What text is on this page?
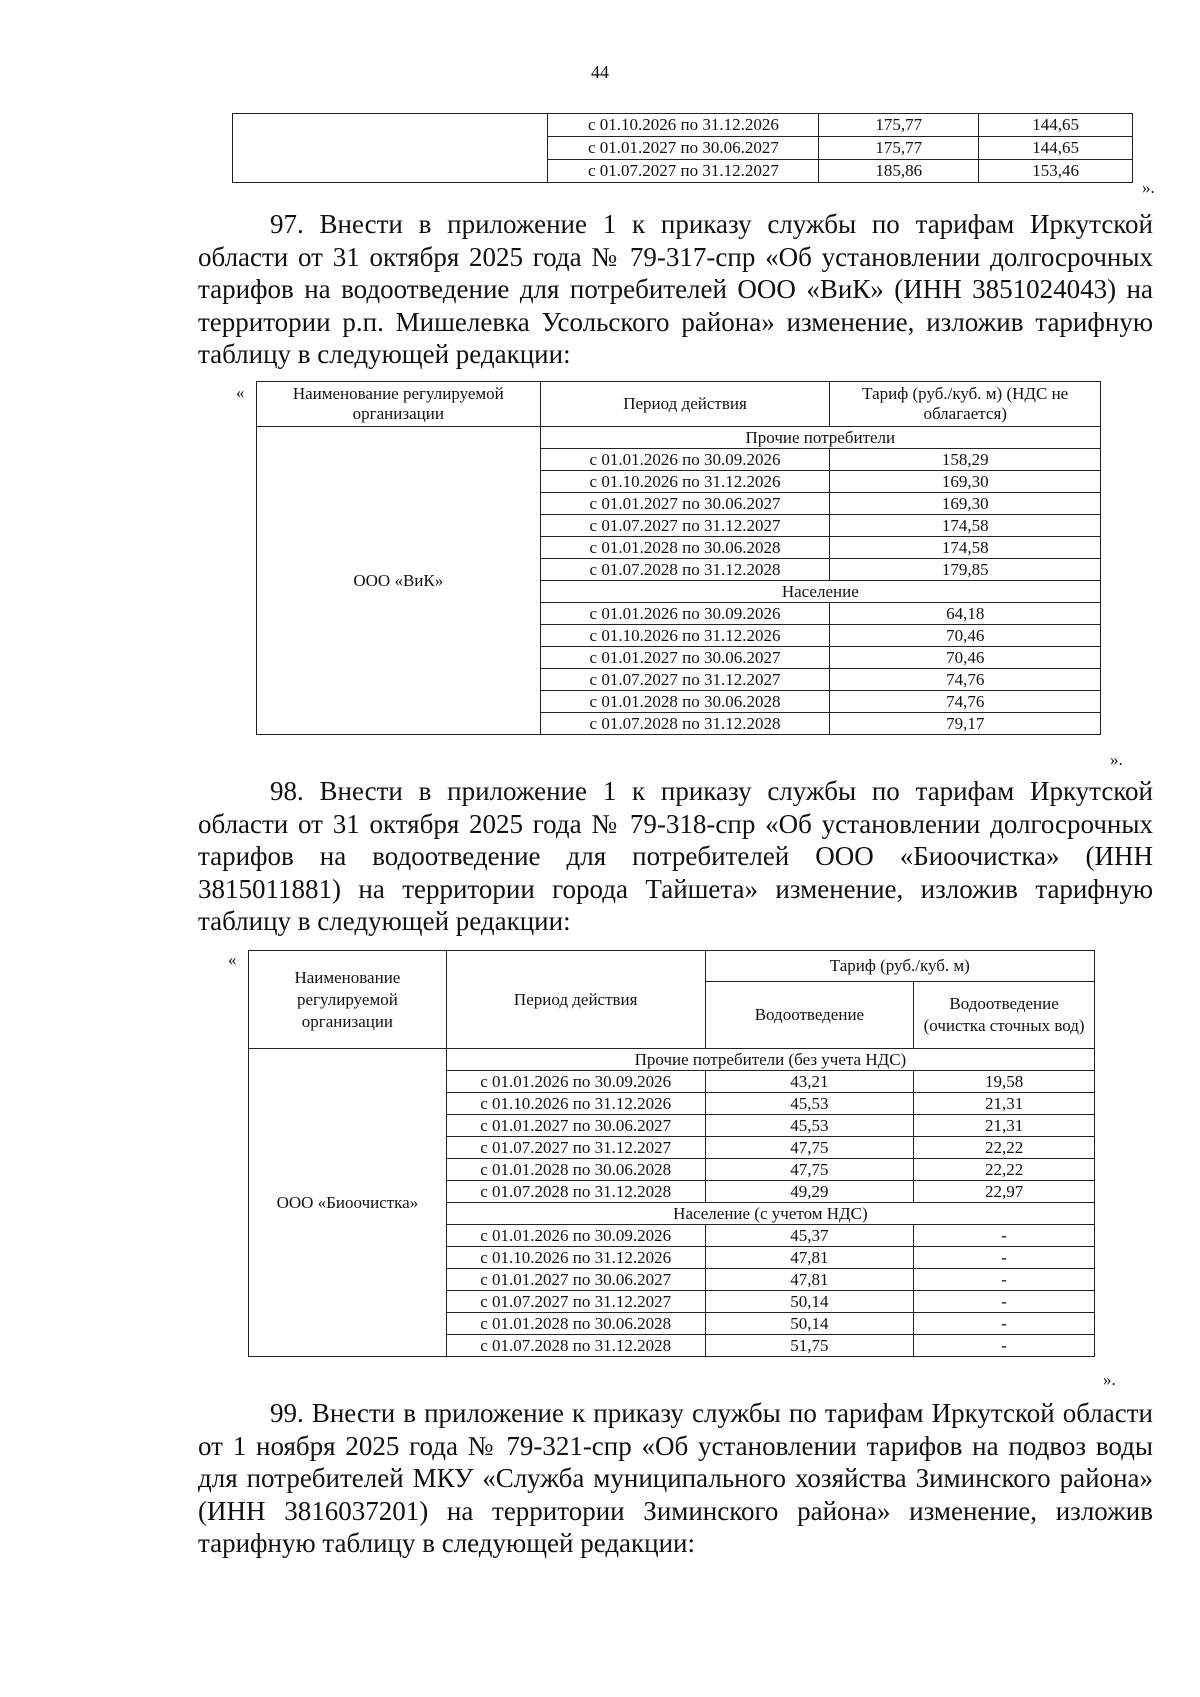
44
	с 01.10.2026 по 31.12.2026	175,77	144,65
	с 01.01.2027 по 30.06.2027	175,77	144,65
	с 01.07.2027 по 31.12.2027	185,86	153,46
».

97. Внести в приложение 1 к приказу службы по тарифам Иркутской области от 31 октября 2025 года № 79-317-спр «Об установлении долгосрочных тарифов на водоотведение для потребителей ООО «ВиК» (ИНН 3851024043) на территории р.п. Мишелевка Усольского района» изменение, изложив тарифную таблицу в следующей редакции:

«	Наименование регулируемой организации	Период действия	Тариф (руб./куб. м) (НДС не облагается)
ООО «ВиК»	Прочие потребители	
	с 01.01.2026 по 30.09.2026	158,29
	с 01.10.2026 по 31.12.2026	169,30
	с 01.01.2027 по 30.06.2027	169,30
	с 01.07.2027 по 31.12.2027	174,58
	с 01.01.2028 по 30.06.2028	174,58
	с 01.07.2028 по 31.12.2028	179,85
	Население	
	с 01.01.2026 по 30.09.2026	64,18
	с 01.10.2026 по 31.12.2026	70,46
	с 01.01.2027 по 30.06.2027	70,46
	с 01.07.2027 по 31.12.2027	74,76
	с 01.01.2028 по 30.06.2028	74,76
	с 01.07.2028 по 31.12.2028	79,17
».

98. Внести в приложение 1 к приказу службы по тарифам Иркутской области от 31 октября 2025 года № 79-318-спр «Об установлении долгосрочных тарифов на водоотведение для потребителей ООО «Биоочистка» (ИНН 3815011881) на территории города Тайшета» изменение, изложив тарифную таблицу в следующей редакции:

«
Наименование регулируемой организации	Период действия	Тариф (руб./куб. м)	
		Водоотведение	Водоотведение (очистка сточных вод)
ООО «Биоочистка»	Прочие потребители (без учета НДС)		
	с 01.01.2026 по 30.09.2026	43,21	19,58
	с 01.10.2026 по 31.12.2026	45,53	21,31
	с 01.01.2027 по 30.06.2027	45,53	21,31
	с 01.07.2027 по 31.12.2027	47,75	22,22
	с 01.01.2028 по 30.06.2028	47,75	22,22
	с 01.07.2028 по 31.12.2028	49,29	22,97
	Население (с учетом НДС)		
	с 01.01.2026 по 30.09.2026	45,37	-
	с 01.10.2026 по 31.12.2026	47,81	-
	с 01.01.2027 по 30.06.2027	47,81	-
	с 01.07.2027 по 31.12.2027	50,14	-
	с 01.01.2028 по 30.06.2028	50,14	-
	с 01.07.2028 по 31.12.2028	51,75	-
».

99. Внести в приложение к приказу службы по тарифам Иркутской области от 1 ноября 2025 года № 79-321-спр «Об установлении тарифов на подвоз воды для потребителей МКУ «Служба муниципального хозяйства Зиминского района» (ИНН 3816037201) на территории Зиминского района» изменение, изложив тарифную таблицу в следующей редакции:
